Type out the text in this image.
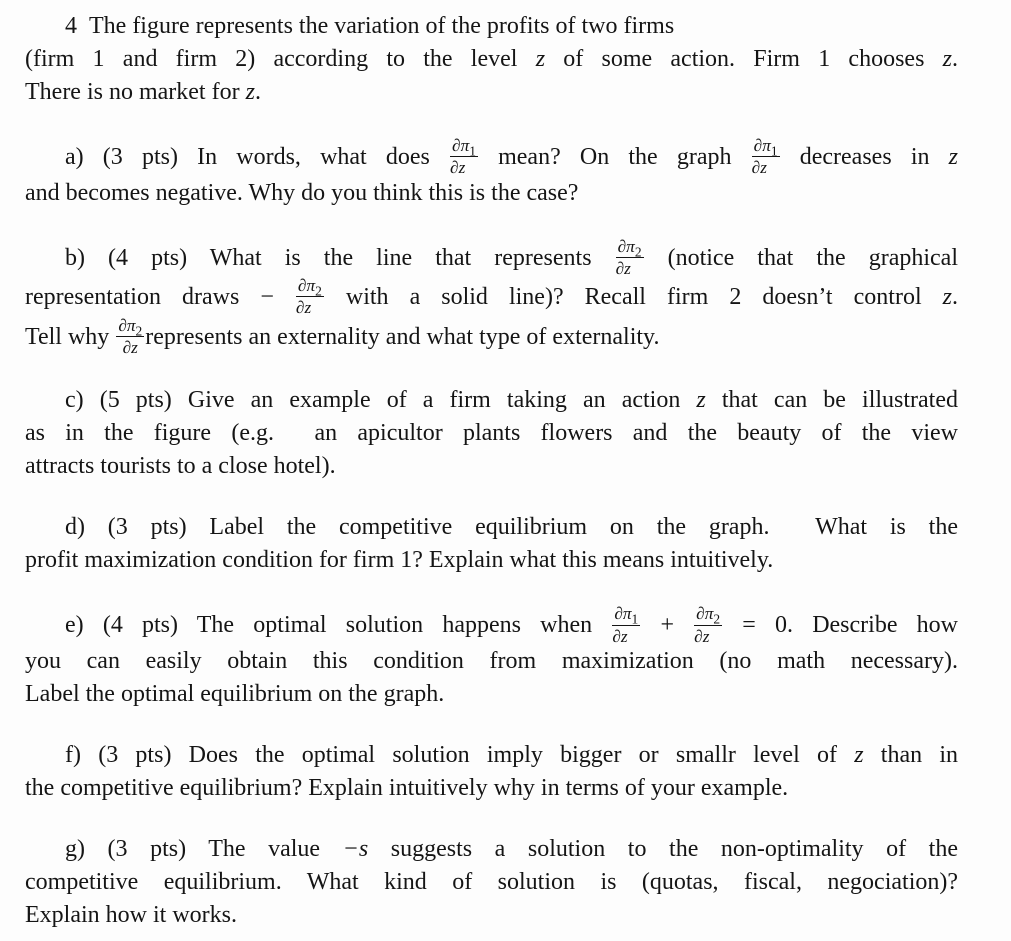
4  The figure represents the variation of the profits of two firms
(firm 1 and firm 2) according to the level z of some action. Firm 1 chooses z.
There is no market for z.

a) (3 pts) In words, what does $\frac{\partial\pi_1}{\partial z}$ mean? On the graph $\frac{\partial\pi_1}{\partial z}$ decreases in z
and becomes negative. Why do you think this is the case?

b) (4 pts) What is the line that represents $\frac{\partial\pi_2}{\partial z}$ (notice that the graphical
representation draws − $\frac{\partial\pi_2}{\partial z}$ with a solid line)? Recall firm 2 doesn’t control z.
Tell why $\frac{\partial\pi_2}{\partial z}$ represents an externality and what type of externality.

c) (5 pts) Give an example of a firm taking an action z that can be illustrated
as in the figure (e.g.  an apicultor plants flowers and the beauty of the view
attracts tourists to a close hotel).

d) (3 pts) Label the competitive equilibrium on the graph.  What is the
profit maximization condition for firm 1? Explain what this means intuitively.

e) (4 pts) The optimal solution happens when $\frac{\partial\pi_1}{\partial z} + \frac{\partial\pi_2}{\partial z} = 0$. Describe how
you can easily obtain this condition from maximization (no math necessary).
Label the optimal equilibrium on the graph.

f) (3 pts) Does the optimal solution imply bigger or smallr level of z than in
the competitive equilibrium? Explain intuitively why in terms of your example.

g) (3 pts) The value −s suggests a solution to the non-optimality of the
competitive equilibrium. What kind of solution is (quotas, fiscal, negociation)?
Explain how it works.
